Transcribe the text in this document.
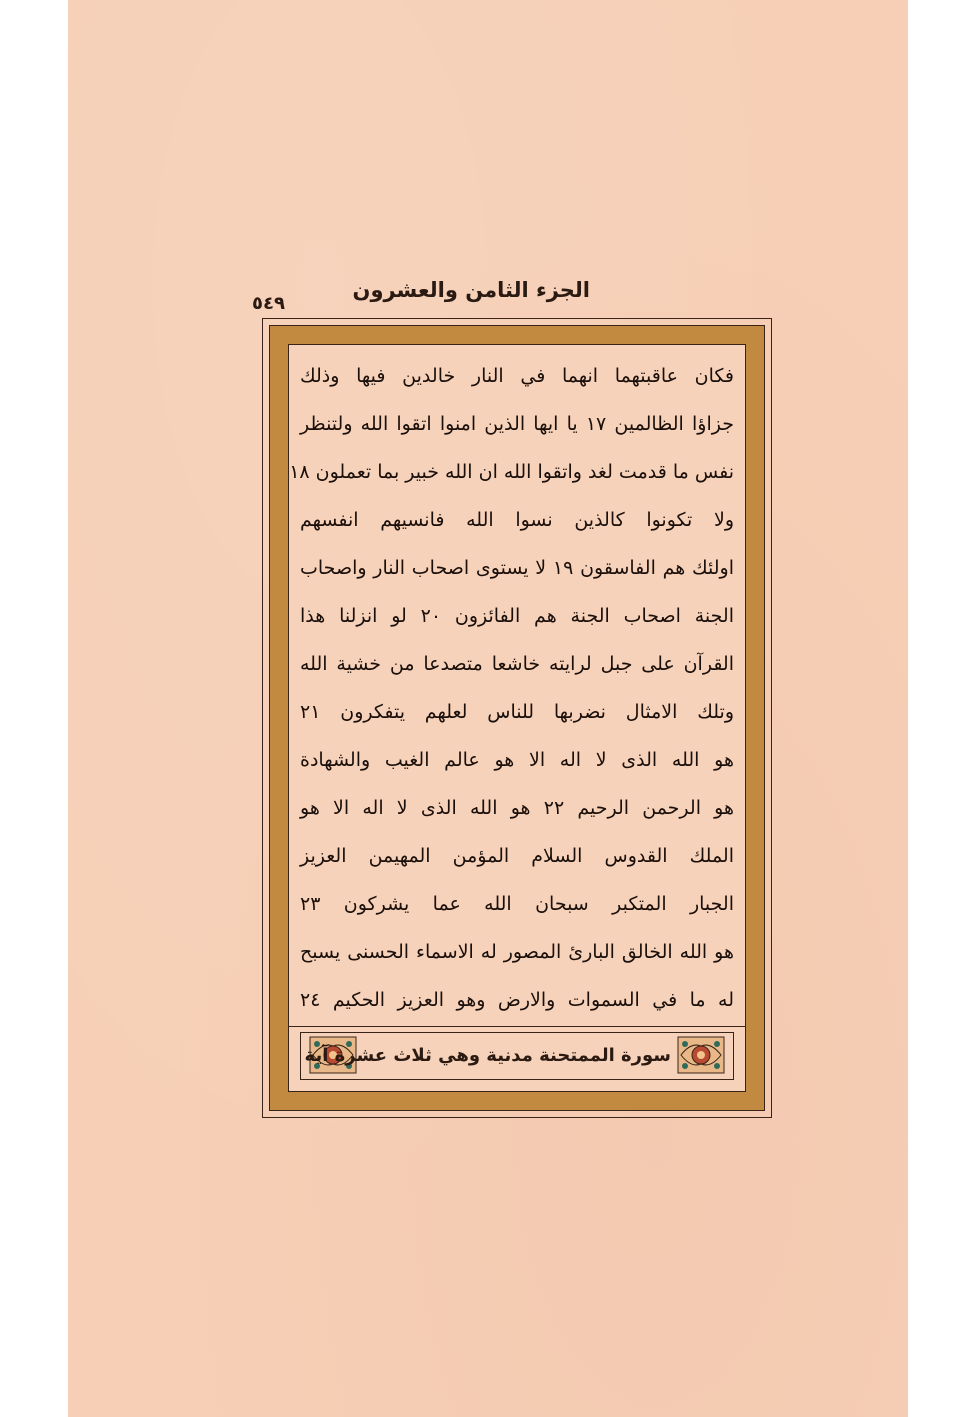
الجزء الثامن والعشرون
٥٤٩
فكان عاقبتهما انهما في النار خالدين فيها وذلك
جزاؤا الظالمين ١٧ يا ايها الذين امنوا اتقوا الله ولتنظر
نفس ما قدمت لغد واتقوا الله ان الله خبير بما تعملون ١٨
ولا تكونوا كالذين نسوا الله فانسيهم انفسهم
اولئك هم الفاسقون ١٩ لا يستوى اصحاب النار واصحاب
الجنة اصحاب الجنة هم الفائزون ٢٠ لو انزلنا هذا
القرآن على جبل لرايته خاشعا متصدعا من خشية الله
وتلك الامثال نضربها للناس لعلهم يتفكرون ٢١
هو الله الذى لا اله الا هو عالم الغيب والشهادة
هو الرحمن الرحيم ٢٢ هو الله الذى لا اله الا هو
الملك القدوس السلام المؤمن المهيمن العزيز
الجبار المتكبر سبحان الله عما يشركون ٢٣
هو الله الخالق البارئ المصور له الاسماء الحسنى يسبح
له ما في السموات والارض وهو العزيز الحكيم ٢٤
سورة الممتحنة مدنية وهي ثلاث عشرة آية
